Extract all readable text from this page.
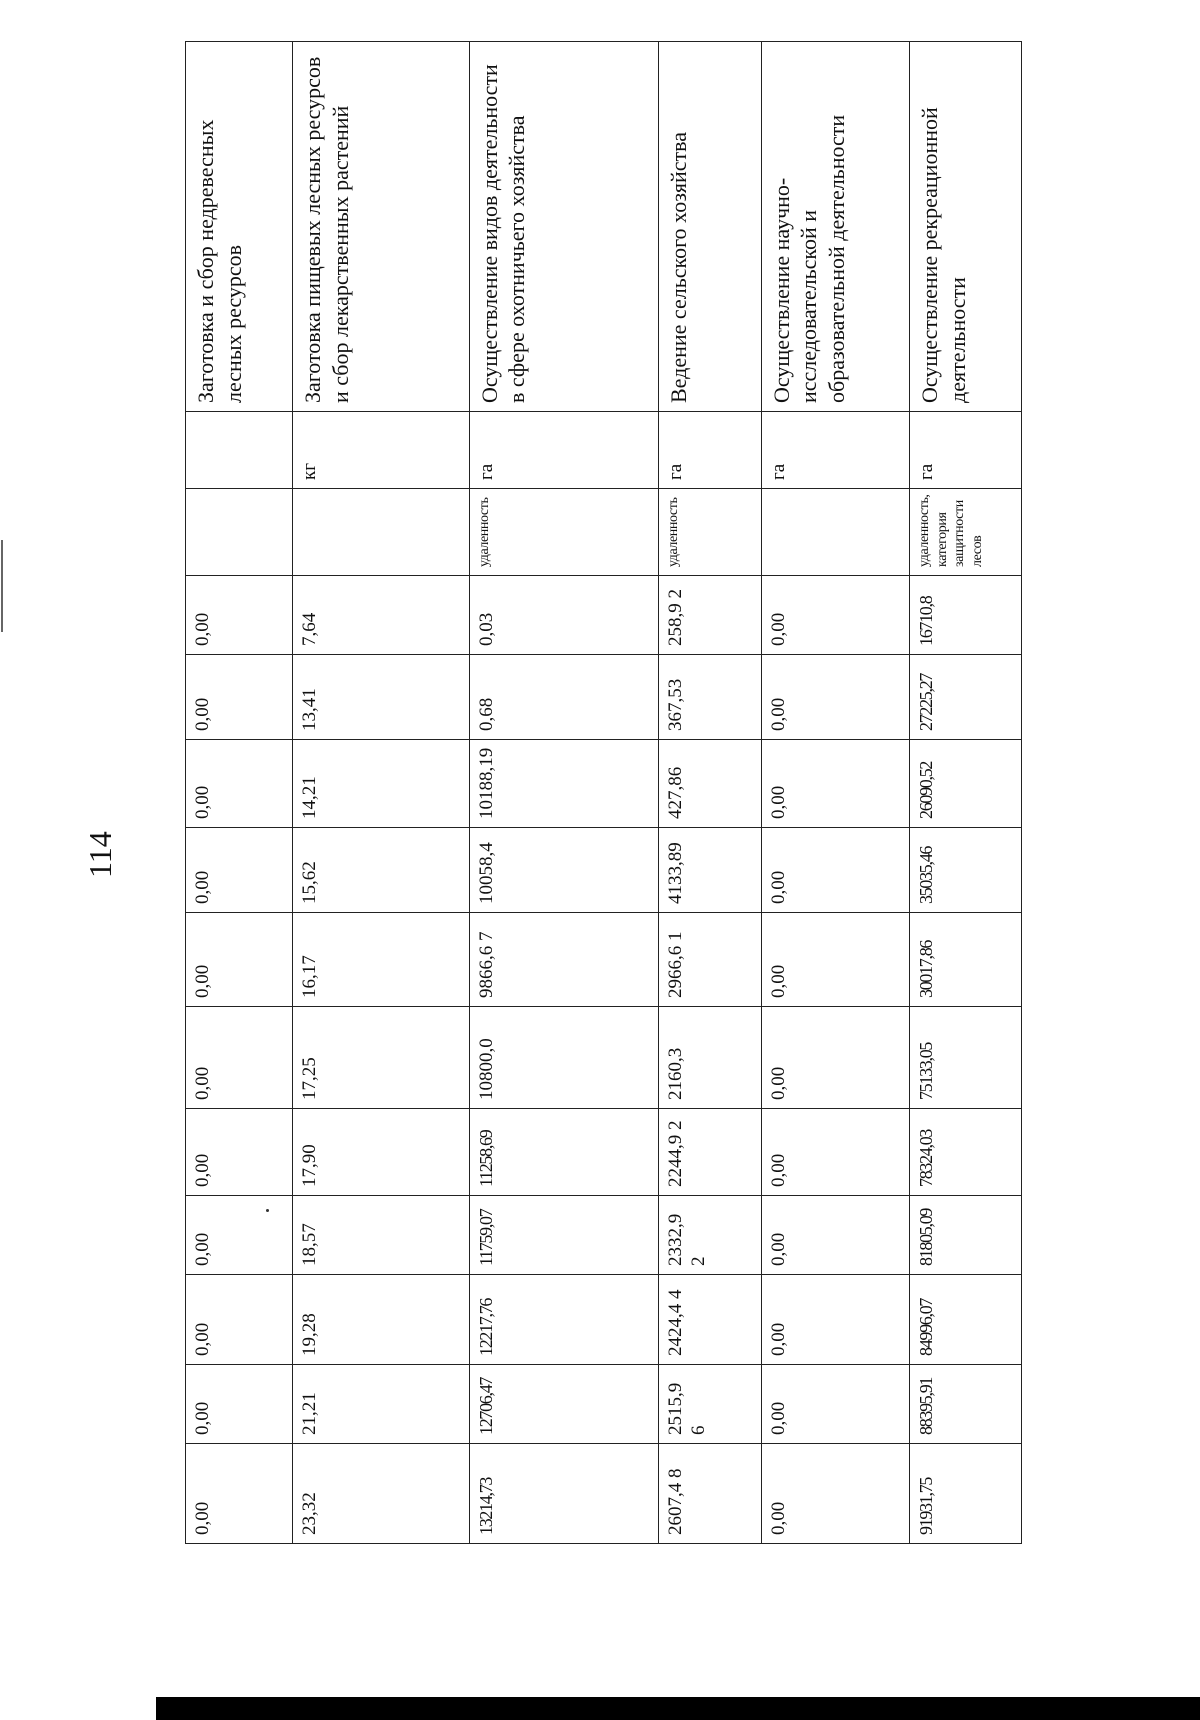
114
0,00	0,00	0,00	0,00	0,00	0,00	0,00	0,00	0,00	0,00	0,00			Заготовка и сбор недревесных лесных ресурсов
23,32	21,21	19,28	18,57	17,90	17,25	16,17	15,62	14,21	13,41	7,64		кг	Заготовка пищевых лесных ресурсов и сбор лекарственных растений
13214,73	12706,47	12217,76	11759,07	11258,69	10800,0	9866,6 7	10058,4	10188,19	0,68	0,03	удаленность	га	Осуществление видов деятельности в сфере охотничьего хозяйства
2607,4 8	2515,9 6	2424,4 4	2332,9 2	2244,9 2	2160,3	2966,6 1	4133,89	427,86	367,53	258,9 2	удаленность	га	Ведение сельского хозяйства
0,00	0,00	0,00	0,00	0,00	0,00	0,00	0,00	0,00	0,00	0,00		га	Осуществление научно-исследовательской и образовательной деятельности
91931,75	88395,91	84996,07	81805,09	78324,03	75133,05	30017,86	35035,46	26090,52	27225,27	16710,8	удаленность, категория защитности лесов	га	Осуществление рекреационной деятельности
